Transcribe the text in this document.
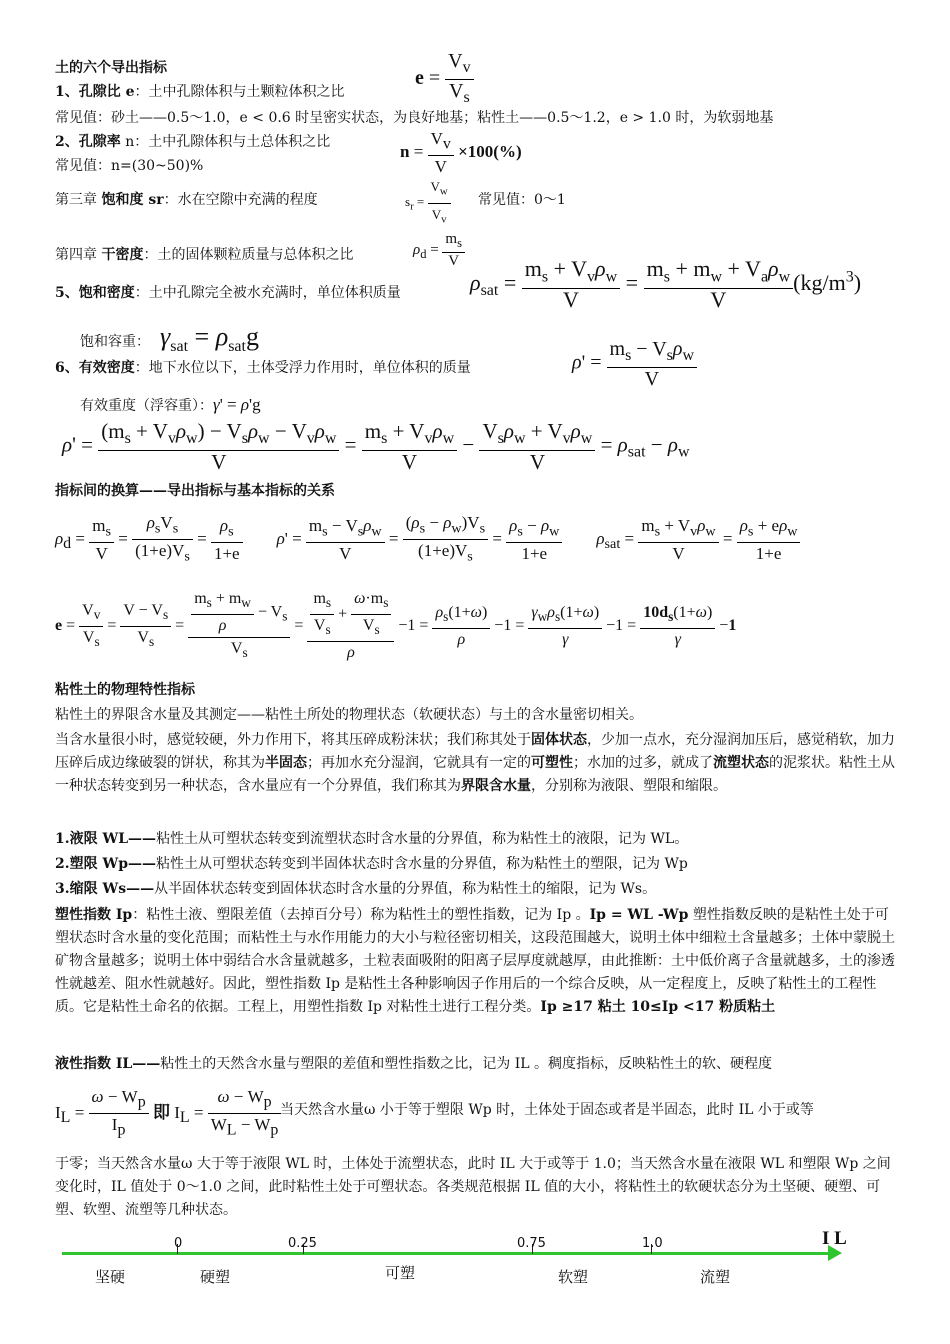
土的六个导出指标
1、孔隙比 e：土中孔隙体积与土颗粒体积之比
$e = \frac{V_v}{V_s}$
常见值：砂土——0.5～1.0，e < 0.6 时呈密实状态，为良好地基；粘性土——0.5～1.2，e > 1.0 时，为软弱地基
2、孔隙率 n：土中孔隙体积与土总体积之比
常见值：n=(30~50)%
$n = \frac{V_v}{V} \times 100(\%)$
第三章 饱和度 sr：水在空隙中充满的程度	$s_r = \frac{V_w}{V_v}$ 常见值：0～1
第四章 干密度：土的固体颗粒质量与总体积之比	$\rho_d = \frac{m_s}{V}$
5、饱和密度：土中孔隙完全被水充满时，单位体积质量	$\rho_{sat} = \frac{m_s + V_v\rho_w}{V} = \frac{m_s + m_w + V_a\rho_w}{V} (kg/m^3)$
饱和容重： $\gamma_{sat} = \rho_{sat}g$
6、有效密度：地下水位以下，土体受浮力作用时，单位体积的质量	$\rho' = \frac{m_s - V_s\rho_w}{V}$
有效重度（浮容重）：γ' = ρ'g
$\rho' = \frac{(m_s + V_v\rho_w) - V_s\rho_w - V_v\rho_w}{V} = \frac{m_s + V_v\rho_w}{V} - \frac{V_s\rho_w + V_v\rho_w}{V} = \rho_{sat} - \rho_w$
指标间的换算——导出指标与基本指标的关系
$\rho_d = \frac{m_s}{V} = \frac{\rho_sV_s}{(1+e)V_s} = \frac{\rho_s}{1+e} \rho' = \frac{m_s - V_s\rho_w}{V} = \frac{(\rho_s - \rho_w)V_s}{(1+e)V_s} = \frac{\rho_s - \rho_w}{1+e} \rho_{sat} = \frac{m_s + V_v\rho_w}{V} = \frac{\rho_s + e\rho_w}{1+e}$
$e = \frac{V_v}{V_s} = \frac{V - V_s}{V_s} = \frac{\frac{m_s + m_w}{\rho} - V_s}{V_s} = \frac{\frac{m_s}{V_s} + \frac{\omega\cdot m_s}{V_s}}{\rho} -1 = \frac{\rho_s(1+\omega)}{\rho} -1 = \frac{\gamma_w\rho_s(1+\omega)}{\gamma} -1 = \frac{10d_s(1+\omega)}{\gamma} -1$
粘性土的物理特性指标
粘性土的界限含水量及其测定——粘性土所处的物理状态（软硬状态）与土的含水量密切相关。
当含水量很小时，感觉较硬，外力作用下，将其压碎成粉沫状；我们称其处于固体状态，少加一点水，充分湿润加压后，感觉稍软，加力压碎后成边缘破裂的饼状，称其为半固态；再加水充分湿润，它就具有一定的可塑性；水加的过多，就成了流塑状态的泥浆状。粘性土从一种状态转变到另一种状态，含水量应有一个分界值，我们称其为界限含水量，分别称为液限、塑限和缩限。
1.液限 WL——粘性土从可塑状态转变到流塑状态时含水量的分界值，称为粘性土的液限，记为 WL。
2.塑限 Wp——粘性土从可塑状态转变到半固体状态时含水量的分界值，称为粘性土的塑限，记为 Wp
3.缩限 Ws——从半固体状态转变到固体状态时含水量的分界值，称为粘性土的缩限，记为 Ws。
塑性指数 Ip：粘性土液、塑限差值（去掉百分号）称为粘性土的塑性指数，记为 Ip 。Ip = WL -Wp 塑性指数反映的是粘性土处于可塑状态时含水量的变化范围；而粘性土与水作用能力的大小与粒径密切相关，这段范围越大，说明土体中细粒土含量越多；土体中蒙脱土矿物含量越多；说明土体中弱结合水含量就越多，土粒表面吸附的阳离子层厚度就越厚，由此推断：土中低价离子含量就越多，土的渗透性就越差、阻水性就越好。因此，塑性指数 Ip 是粘性土各种影响因子作用后的一个综合反映，从一定程度上，反映了粘性土的工程性质。它是粘性土命名的依据。工程上，用塑性指数 Ip 对粘性土进行工程分类。Ip ≥17 粘土 10≤Ip <17 粉质粘土
液性指数 IL——粘性土的天然含水量与塑限的差值和塑性指数之比，记为 IL 。稠度指标，反映粘性土的软、硬程度
$I_L = \frac{\omega - W_p}{I_p}$ 即 $I_L = \frac{\omega - W_p}{W_L - W_p}$
当天然含水量ω 小于等于塑限 Wp 时，土体处于固态或者是半固态，此时 IL 小于或等
于零；当天然含水量ω 大于等于液限 WL 时，土体处于流塑状态，此时 IL 大于或等于 1.0；当天然含水量在液限 WL 和塑限 Wp 之间变化时，IL 值处于 0～1.0 之间，此时粘性土处于可塑状态。各类规范根据 IL 值的大小，将粘性土的软硬状态分为土坚硬、硬塑、可塑、软塑、流塑等几种状态。
0	0.25	0.75	1.0	I L
坚硬	硬塑	可塑	软塑	流塑
